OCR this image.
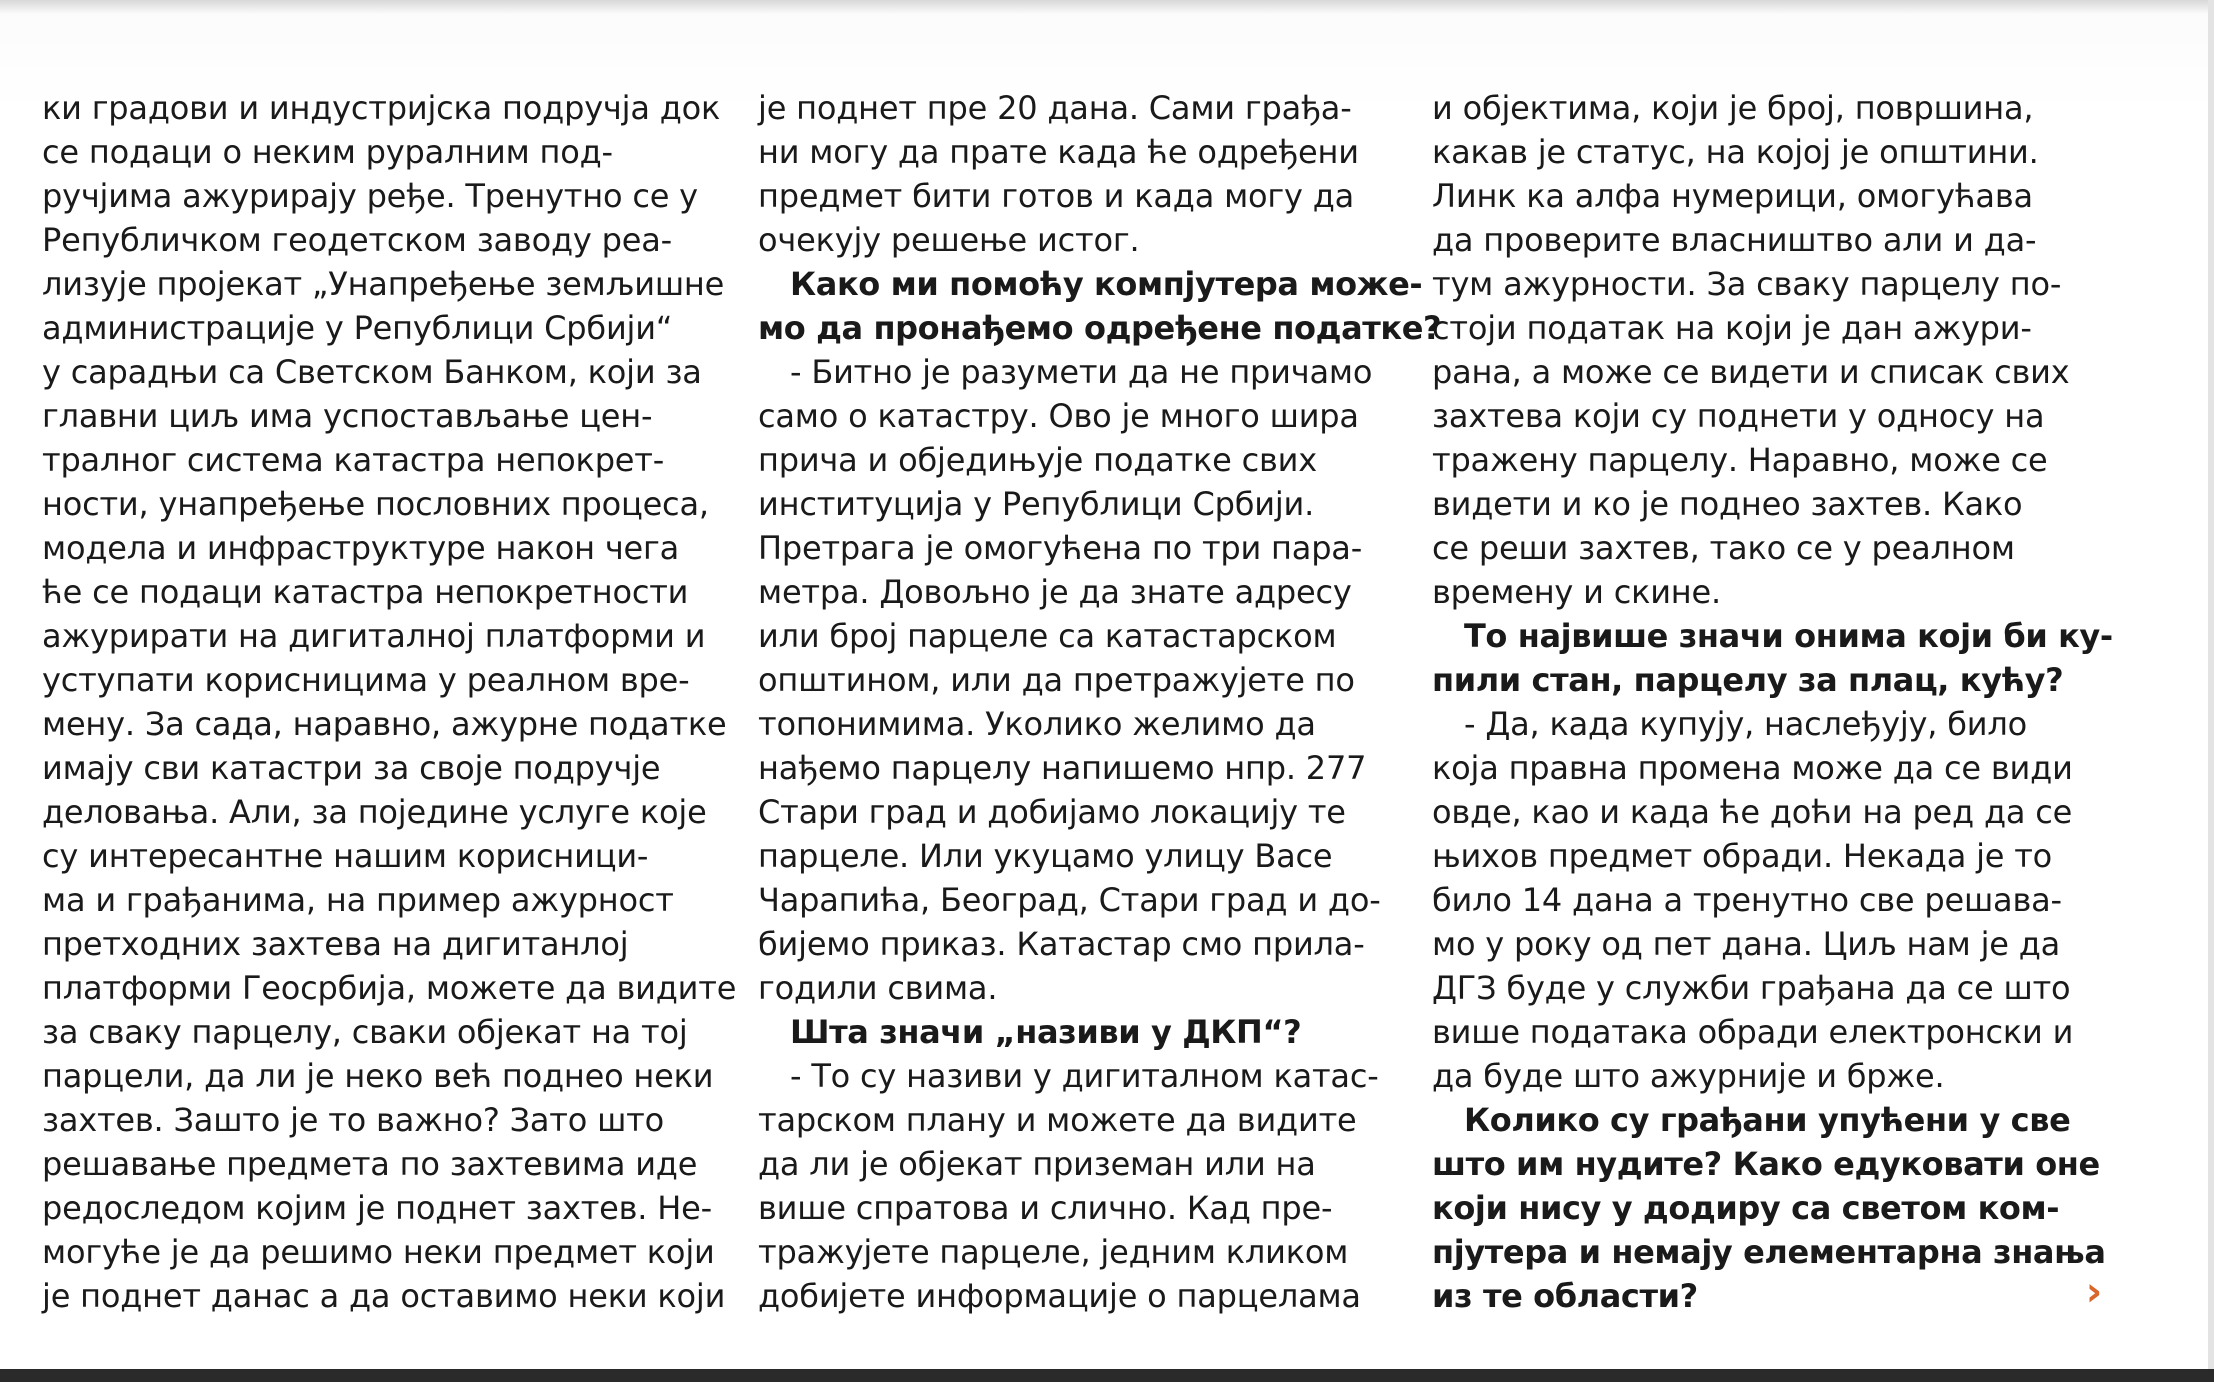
ки градови и индустријска подручја док
се подаци о неким руралним под-
ручјима ажурирају ређе. Тренутно се у
Републичком геодетском заводу реа-
лизује пројекат „Унапређење земљишне
администрације у Републици Србији“
у сарадњи са Светском Банком, који за
главни циљ има успостављање цен-
тралног система катастра непокрет-
ности, унапређење пословних процеса,
модела и инфраструктуре након чега
ће се подаци катастра непокретности
ажурирати на дигиталној платформи и
уступати корисницима у реалном вре-
мену. За сада, наравно, ажурне податке
имају сви катастри за своје подручје
деловања. Али, за поједине услуге које
су интересантне нашим корисници-
ма и грађанима, на пример ажурност
претходних захтева на дигитанлој
платформи Геосрбија, можете да видите
за сваку парцелу, сваки објекат на тој
парцели, да ли је неко већ поднео неки
захтев. Зашто је то важно? Зато што
решавање предмета по захтевима иде
редоследом којим је поднет захтев. Не-
могуће је да решимо неки предмет који
је поднет данас а да оставимо неки који
је поднет пре 20 дана. Сами грађа-
ни могу да прате када ће одређени
предмет бити готов и када могу да
очекују решење истог.
Како ми помоћу компјутера може-
мо да пронађемо одређене податке?
- Битно је разумети да не причамо
само о катастру. Ово је много шира
прича и обједињује податке свих
институција у Републици Србији.
Претрага је омогућена по три пара-
метра. Довољно је да знате адресу
или број парцеле са катастарском
општином, или да претражујете по
топонимима. Уколико желимо да
нађемо парцелу напишемо нпр. 277
Стари град и добијамо локацију те
парцеле. Или укуцамо улицу Васе
Чарапића, Београд, Стари град и до-
бијемо приказ. Катастар смо прила-
годили свима.
Шта значи „називи у ДКП“?
- То су називи у дигиталном катас-
тарском плану и можете да видите
да ли је објекат приземан или на
више спратова и слично. Кад пре-
тражујете парцеле, једним кликом
добијете информације о парцелама
и објектима, који је број, површина,
какав је статус, на којој је општини.
Линк ка алфа нумерици, омогућава
да проверите власништво али и да-
тум ажурности. За сваку парцелу по-
стоји податак на који је дан ажури-
рана, а може се видети и списак свих
захтева који су поднети у односу на
тражену парцелу. Наравно, може се
видети и ко је поднео захтев. Како
се реши захтев, тако се у реалном
времену и скине.
То највише значи онима који би ку-
пили стан, парцелу за плац, кућу?
- Да, када купују, наслеђују, било
која правна промена може да се види
овде, као и када ће доћи на ред да се
њихов предмет обради. Некада је то
било 14 дана а тренутно све решава-
мо у року од пет дана. Циљ нам је да
ДГЗ буде у служби грађана да се што
више података обради електронски и
да буде што ажурније и брже.
Колико су грађани упућени у све
што им нудите? Како едуковати оне
који нису у додиру са светом ком-
пјутера и немају елементарна знања
из те области?	›
